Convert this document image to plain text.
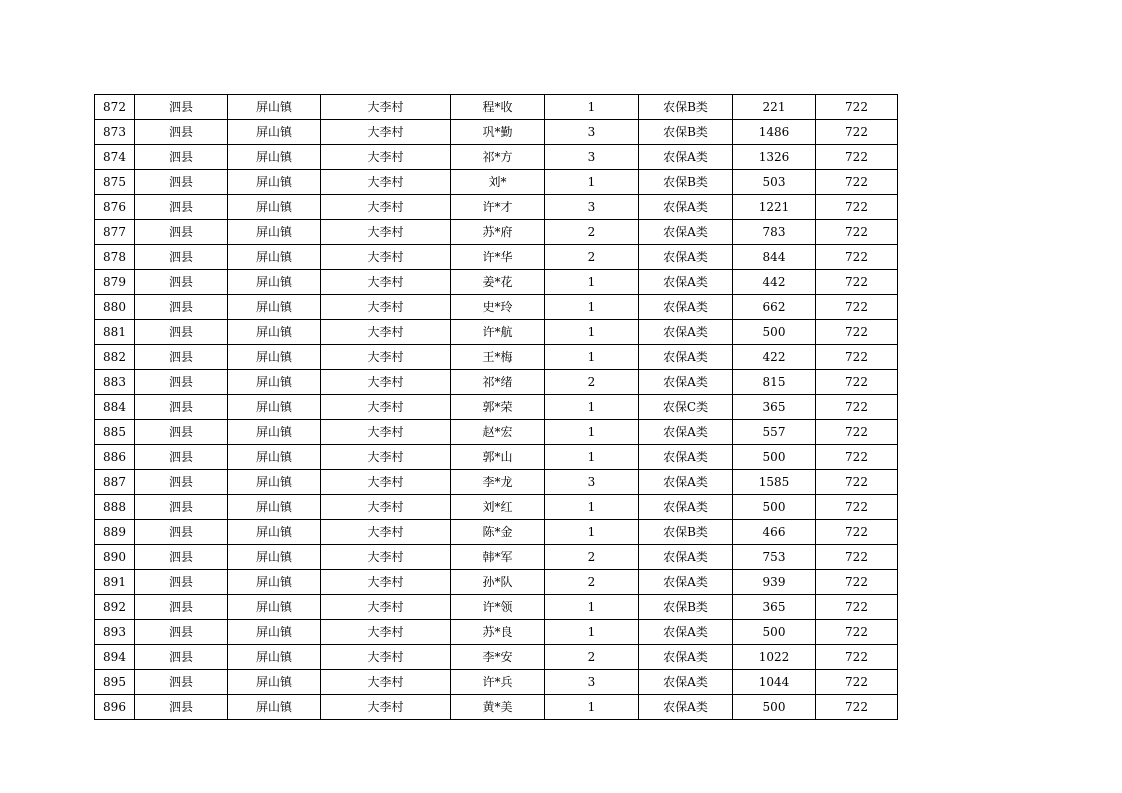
872	泗县	屏山镇	大李村	程*收	1	农保B类	221	722
873	泗县	屏山镇	大李村	巩*勤	3	农保B类	1486	722
874	泗县	屏山镇	大李村	祁*方	3	农保A类	1326	722
875	泗县	屏山镇	大李村	刘*	1	农保B类	503	722
876	泗县	屏山镇	大李村	许*才	3	农保A类	1221	722
877	泗县	屏山镇	大李村	苏*府	2	农保A类	783	722
878	泗县	屏山镇	大李村	许*华	2	农保A类	844	722
879	泗县	屏山镇	大李村	姜*花	1	农保A类	442	722
880	泗县	屏山镇	大李村	史*玲	1	农保A类	662	722
881	泗县	屏山镇	大李村	许*航	1	农保A类	500	722
882	泗县	屏山镇	大李村	王*梅	1	农保A类	422	722
883	泗县	屏山镇	大李村	祁*绪	2	农保A类	815	722
884	泗县	屏山镇	大李村	郭*荣	1	农保C类	365	722
885	泗县	屏山镇	大李村	赵*宏	1	农保A类	557	722
886	泗县	屏山镇	大李村	郭*山	1	农保A类	500	722
887	泗县	屏山镇	大李村	李*龙	3	农保A类	1585	722
888	泗县	屏山镇	大李村	刘*红	1	农保A类	500	722
889	泗县	屏山镇	大李村	陈*金	1	农保B类	466	722
890	泗县	屏山镇	大李村	韩*军	2	农保A类	753	722
891	泗县	屏山镇	大李村	孙*队	2	农保A类	939	722
892	泗县	屏山镇	大李村	许*领	1	农保B类	365	722
893	泗县	屏山镇	大李村	苏*良	1	农保A类	500	722
894	泗县	屏山镇	大李村	李*安	2	农保A类	1022	722
895	泗县	屏山镇	大李村	许*兵	3	农保A类	1044	722
896	泗县	屏山镇	大李村	黄*美	1	农保A类	500	722
